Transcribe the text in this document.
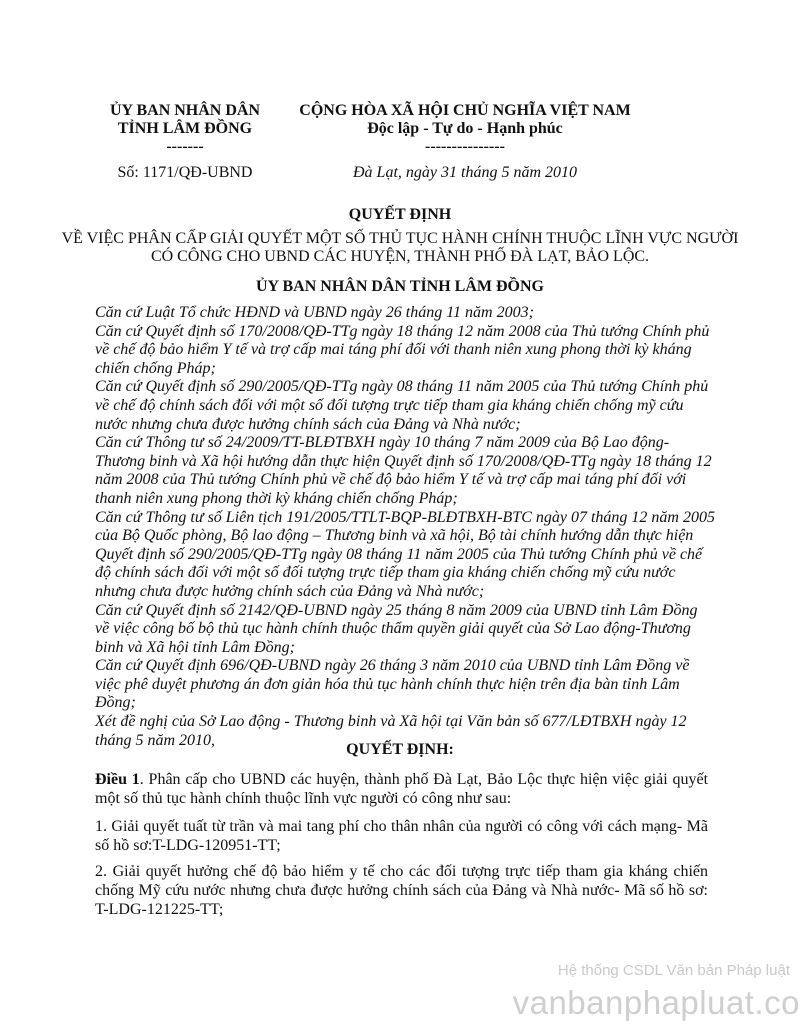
ỦY BAN NHÂN DÂN
TỈNH LÂM ĐỒNG
-------
CỘNG HÒA XÃ HỘI CHỦ NGHĨA VIỆT NAM
Độc lập - Tự do - Hạnh phúc
---------------
Số: 1171/QĐ-UBND	Đà Lạt, ngày 31 tháng 5 năm 2010
QUYẾT ĐỊNH
VỀ VIỆC PHÂN CẤP GIẢI QUYẾT MỘT SỐ THỦ TỤC HÀNH CHÍNH THUỘC LĨNH VỰC NGƯỜI CÓ CÔNG CHO UBND CÁC HUYỆN, THÀNH PHỐ ĐÀ LẠT, BẢO LỘC.
ỦY BAN NHÂN DÂN TỈNH LÂM ĐỒNG
Căn cứ Luật Tổ chức HĐND và UBND ngày 26 tháng 11 năm 2003;
Căn cứ Quyết định số 170/2008/QĐ-TTg ngày 18 tháng 12 năm 2008 của Thủ tướng Chính phủ về chế độ bảo hiểm Y tế và trợ cấp mai táng phí đối với thanh niên xung phong thời kỳ kháng chiến chống Pháp;
Căn cứ Quyết định số 290/2005/QĐ-TTg ngày 08 tháng 11 năm 2005 của Thủ tướng Chính phủ về chế độ chính sách đối với một số đối tượng trực tiếp tham gia kháng chiến chống mỹ cứu nước nhưng chưa được hưởng chính sách của Đảng và Nhà nước;
Căn cứ Thông tư số 24/2009/TT-BLĐTBXH ngày 10 tháng 7 năm 2009 của Bộ Lao động-Thương binh và Xã hội hướng dẫn thực hiện Quyết định số 170/2008/QĐ-TTg ngày 18 tháng 12 năm 2008 của Thủ tướng Chính phủ về chế độ bảo hiểm Y tế và trợ cấp mai táng phí đối với thanh niên xung phong thời kỳ kháng chiến chống Pháp;
Căn cứ Thông tư số Liên tịch 191/2005/TTLT-BQP-BLĐTBXH-BTC ngày 07 tháng 12 năm 2005 của Bộ Quốc phòng, Bộ lao động – Thương binh và xã hội, Bộ tài chính hướng dẫn thực hiện Quyết định số 290/2005/QĐ-TTg ngày 08 tháng 11 năm 2005 của Thủ tướng Chính phủ về chế độ chính sách đối với một số đối tượng trực tiếp tham gia kháng chiến chống mỹ cứu nước nhưng chưa được hưởng chính sách của Đảng và Nhà nước;
Căn cứ Quyết định số 2142/QĐ-UBND ngày 25 tháng 8 năm 2009 của UBND tỉnh Lâm Đồng về việc công bố bộ thủ tục hành chính thuộc thẩm quyền giải quyết của Sở Lao động-Thương binh và Xã hội tỉnh Lâm Đồng;
Căn cứ Quyết định 696/QĐ-UBND ngày 26 tháng 3 năm 2010 của UBND tỉnh Lâm Đồng về việc phê duyệt phương án đơn giản hóa thủ tục hành chính thực hiện trên địa bàn tỉnh Lâm Đồng;
Xét đề nghị của Sở Lao động - Thương binh và Xã hội tại Văn bản số 677/LĐTBXH ngày 12 tháng 5 năm 2010,
QUYẾT ĐỊNH:
Điều 1. Phân cấp cho UBND các huyện, thành phố Đà Lạt, Bảo Lộc thực hiện việc giải quyết một số thủ tục hành chính thuộc lĩnh vực người có công như sau:
1. Giải quyết tuất từ trần và mai tang phí cho thân nhân của người có công với cách mạng- Mã số hồ sơ:T-LDG-120951-TT;
2. Giải quyết hưởng chế độ bảo hiểm y tế cho các đối tượng trực tiếp tham gia kháng chiến chống Mỹ cứu nước nhưng chưa được hưởng chính sách của Đảng và Nhà nước- Mã số hồ sơ: T-LDG-121225-TT;
Hệ thống CSDL Văn bản Pháp luật
vanbanphapluat.co
